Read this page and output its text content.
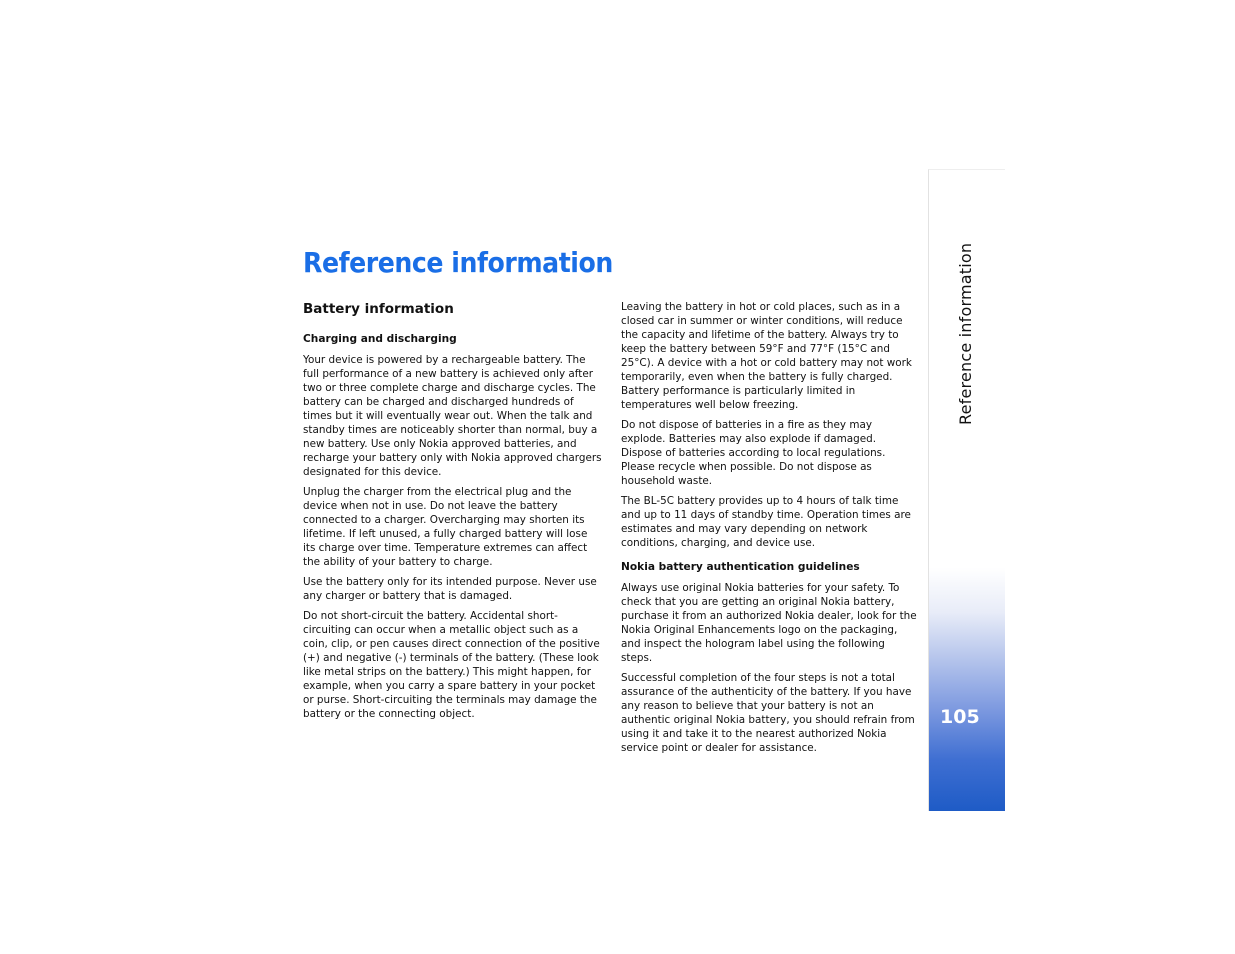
Reference information
Battery information
Charging and discharging

Your device is powered by a rechargeable battery. The full performance of a new battery is achieved only after two or three complete charge and discharge cycles. The battery can be charged and discharged hundreds of times but it will eventually wear out. When the talk and standby times are noticeably shorter than normal, buy a new battery. Use only Nokia approved batteries, and recharge your battery only with Nokia approved chargers designated for this device.

Unplug the charger from the electrical plug and the device when not in use. Do not leave the battery connected to a charger. Overcharging may shorten its lifetime. If left unused, a fully charged battery will lose its charge over time. Temperature extremes can affect the ability of your battery to charge.

Use the battery only for its intended purpose. Never use any charger or battery that is damaged.

Do not short-circuit the battery. Accidental short-circuiting can occur when a metallic object such as a coin, clip, or pen causes direct connection of the positive (+) and negative (-) terminals of the battery. (These look like metal strips on the battery.) This might happen, for example, when you carry a spare battery in your pocket or purse. Short-circuiting the terminals may damage the battery or the connecting object.

Leaving the battery in hot or cold places, such as in a closed car in summer or winter conditions, will reduce the capacity and lifetime of the battery. Always try to keep the battery between 59°F and 77°F (15°C and 25°C). A device with a hot or cold battery may not work temporarily, even when the battery is fully charged. Battery performance is particularly limited in temperatures well below freezing.

Do not dispose of batteries in a fire as they may explode. Batteries may also explode if damaged. Dispose of batteries according to local regulations. Please recycle when possible. Do not dispose as household waste.

The BL-5C battery provides up to 4 hours of talk time and up to 11 days of standby time. Operation times are estimates and may vary depending on network conditions, charging, and device use.

Nokia battery authentication guidelines

Always use original Nokia batteries for your safety. To check that you are getting an original Nokia battery, purchase it from an authorized Nokia dealer, look for the Nokia Original Enhancements logo on the packaging, and inspect the hologram label using the following steps.

Successful completion of the four steps is not a total assurance of the authenticity of the battery. If you have any reason to believe that your battery is not an authentic original Nokia battery, you should refrain from using it and take it to the nearest authorized Nokia service point or dealer for assistance.

Reference information
105
